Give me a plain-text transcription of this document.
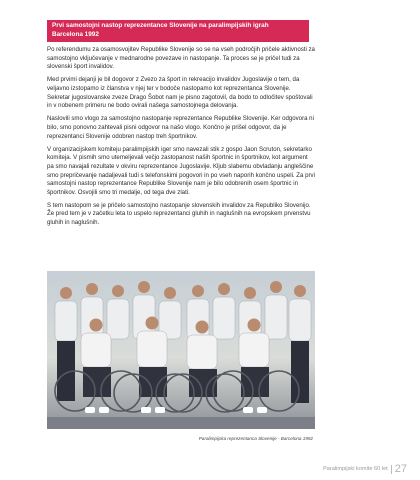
Prvi samostojni nastop reprezentance Slovenije na paralimpijskih igrah
Barcelona 1992

Po referendumu za osamosvojitev Republike Slovenije so se na vseh področjih pričele aktivnosti za samostojno vključevanje v mednarodne povezave in nastopanje. Ta proces se je pričel tudi za slovenski šport invalidov.

Med prvimi dejanji je bil dogovor z Zvezo za šport in rekreacijo invalidov Jugoslavije o tem, da veljavno izstopamo iz članstva v njej ter v bodoče nastopamo kot reprezentanca Slovenije. Sekretar jugoslovanske zveze Drago Šobot nam je pisno zagotovil, da bodo to odločitev spoštovali in v nobenem primeru ne bodo ovirali našega samostojnega delovanja.

Naslovili smo vlogo za samostojno nastopanje reprezentance Republike Slovenije. Ker odgovora ni bilo, smo ponovno zahtevali pisni odgovor na našo vlogo. Končno je prišel odgovor, da je reprezentanci Slovenije odobren nastop treh športnikov.

V organizacijskem komiteju paralimpijskih iger smo navezali stik z gospo Jaon Scruton, sekretarko komiteja. V pismih smo utemeljevali večjo zastopanost naših športnic in športnikov, kot argument pa smo navajali rezultate v okviru reprezentance Jugoslavije. Kljub slabemu obvladanju angleščine smo prepričevanje nadaljevali tudi s telefonskimi pogovori in po vseh naporih končno uspeli. Za prvi samostojni nastop reprezentance Republike Slovenije nam je bilo odobrenih osem športnic in športnikov. Osvojili smo tri medalje, od tega dve zlati.

S tem nastopom se je pričelo samostojno nastopanje slovenskih invalidov za Republiko Slovenijo. Že pred tem je v začetku leta to uspelo reprezentanci gluhih in naglušnih na evropskem prvenstvu gluhih in naglušnih.

Paralimpijska reprezentanca Slovenije - Barcelona 1992
Paralimpijski komite 60 let 27
